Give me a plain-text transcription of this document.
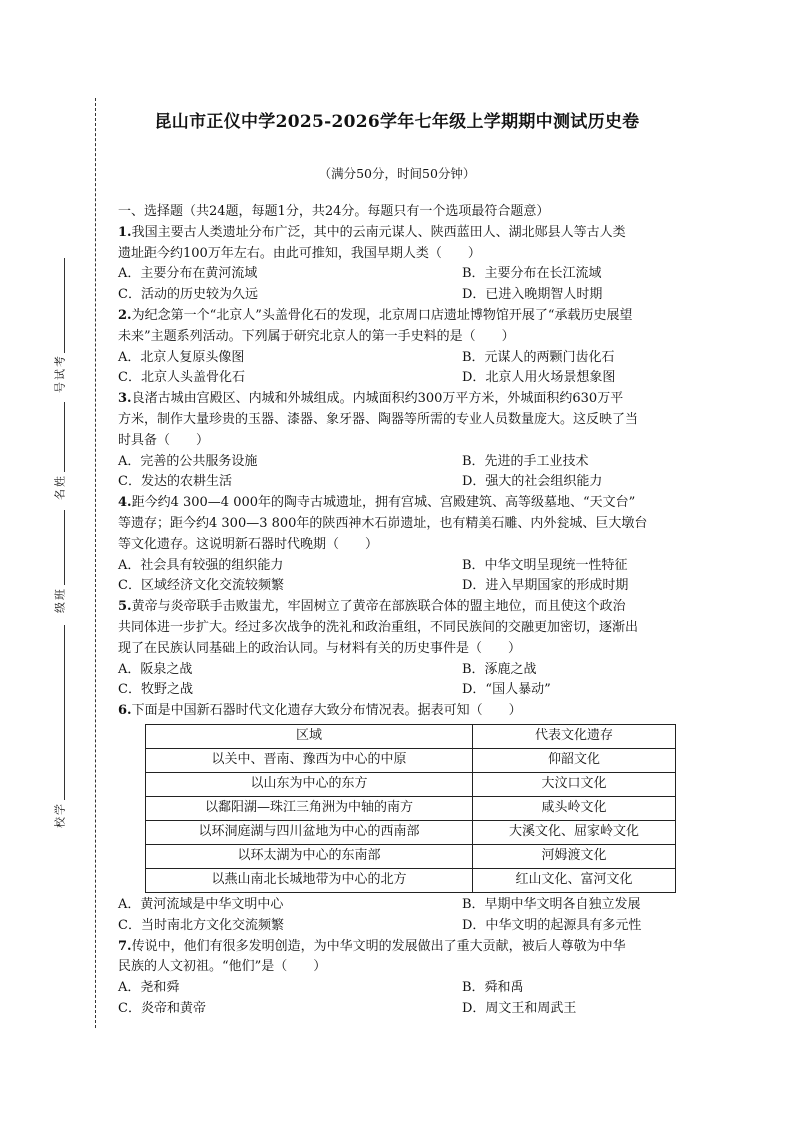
考
试
号
姓
名
班
级
学
校
昆山市正仪中学2025-2026学年七年级上学期期中测试历史卷
（满分50分，时间50分钟）

一、选择题（共24题，每题1分，共24分。每题只有一个选项最符合题意）

1.我国主要古人类遗址分布广泛，其中的云南元谋人、陕西蓝田人、湖北郧县人等古人类

遗址距今约100万年左右。由此可推知，我国早期人类（　　）

A．主要分布在黄河流域	B．主要分布在长江流域
C．活动的历史较为久远	D．已进入晚期智人时期

2.为纪念第一个“北京人”头盖骨化石的发现，北京周口店遗址博物馆开展了“承载历史展望

未来”主题系列活动。下列属于研究北京人的第一手史料的是（　　）

A．北京人复原头像图	B．元谋人的两颗门齿化石
C．北京人头盖骨化石	D．北京人用火场景想象图

3.良渚古城由宫殿区、内城和外城组成。内城面积约300万平方米，外城面积约630万平

方米，制作大量珍贵的玉器、漆器、象牙器、陶器等所需的专业人员数量庞大。这反映了当

时具备（　　）

A．完善的公共服务设施	B．先进的手工业技术
C．发达的农耕生活	D．强大的社会组织能力

4.距今约4 300—4 000年的陶寺古城遗址，拥有宫城、宫殿建筑、高等级墓地、“天文台”

等遗存；距今约4 300—3 800年的陕西神木石峁遗址，也有精美石雕、内外瓮城、巨大墩台

等文化遗存。这说明新石器时代晚期（　　）

A．社会具有较强的组织能力	B．中华文明呈现统一性特征
C．区域经济文化交流较频繁	D．进入早期国家的形成时期

5.黄帝与炎帝联手击败蚩尤，牢固树立了黄帝在部族联合体的盟主地位，而且使这个政治

共同体进一步扩大。经过多次战争的洗礼和政治重组，不同民族间的交融更加密切，逐渐出

现了在民族认同基础上的政治认同。与材料有关的历史事件是（　　）

A．阪泉之战	B．涿鹿之战
C．牧野之战	D．“国人暴动”

6.下面是中国新石器时代文化遗存大致分布情况表。据表可知（　　）

区域	代表文化遗存
以关中、晋南、豫西为中心的中原	仰韶文化
以山东为中心的东方	大汶口文化
以鄱阳湖—珠江三角洲为中轴的南方	咸头岭文化
以环洞庭湖与四川盆地为中心的西南部	大溪文化、屈家岭文化
以环太湖为中心的东南部	河姆渡文化
以燕山南北长城地带为中心的北方	红山文化、富河文化
A．黄河流域是中华文明中心	B．早期中华文明各自独立发展
C．当时南北方文化交流频繁	D．中华文明的起源具有多元性

7.传说中，他们有很多发明创造，为中华文明的发展做出了重大贡献，被后人尊敬为中华

民族的人文初祖。“他们”是（　　）

A．尧和舜	B．舜和禹
C．炎帝和黄帝	D．周文王和周武王
